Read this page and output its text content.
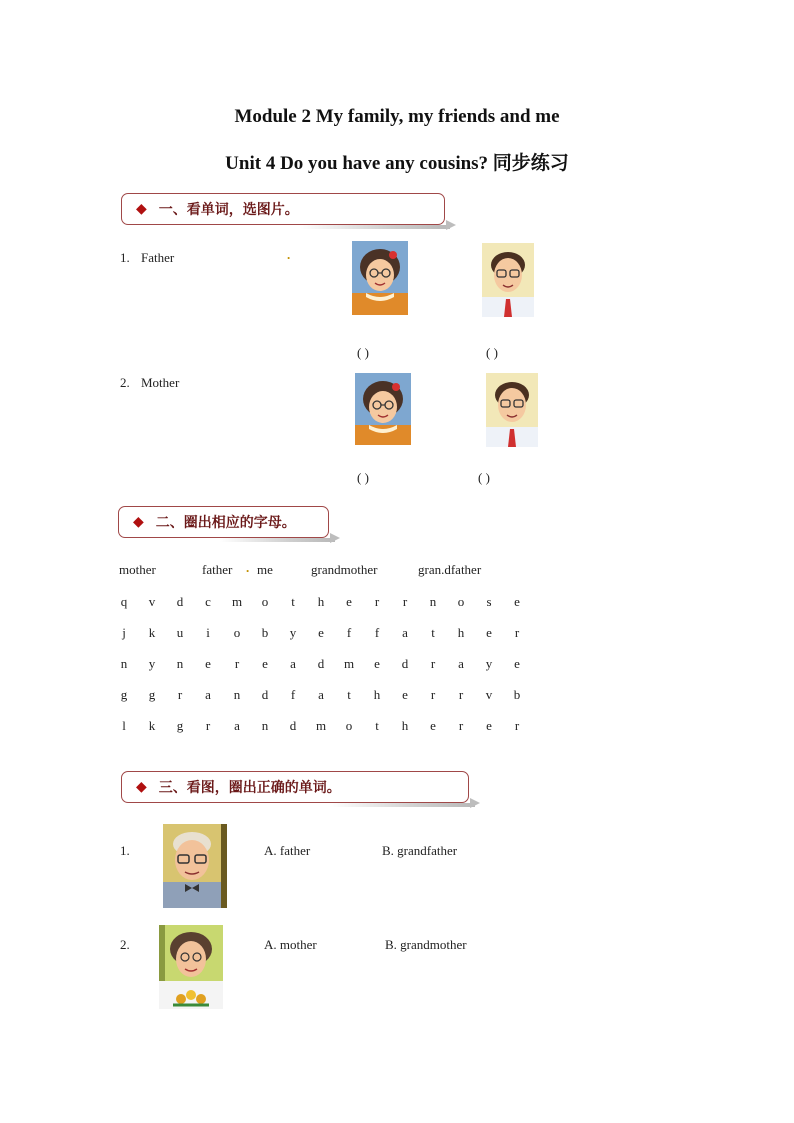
Module 2 My family, my friends and me
Unit 4 Do you have any cousins? 同步练习
◆ 一、看单词，选图片。
1. Father	.
( )	( )
2. Mother
( )	( )
◆ 二、圈出相应的字母。
mother	father . me	grandmother	gran.dfather
q v d c m o	t	h e r r n o s e
j	k u	i	o b y e f f a	t	h e r
n y n e r e a d m e d r a y e
g g r a n d f a	t	h e r r v b
l	k g r a n d m o	t	h e r e r
◆ 三、看图，圈出正确的单词。
1.	A. father	B. grandfather
2.	A. mother	B. grandmother
